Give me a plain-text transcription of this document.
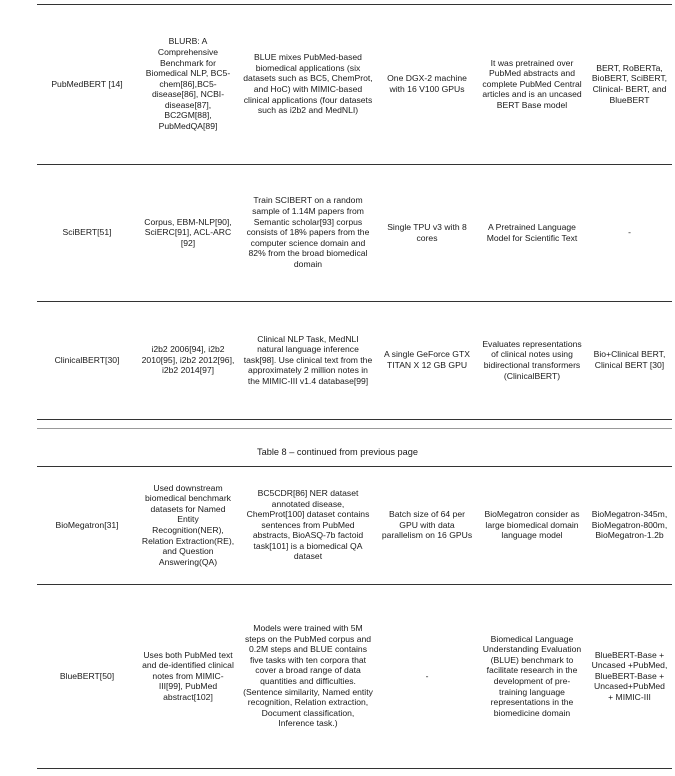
PubMedBERT [14]
BLURB: A Comprehensive Benchmark for Biomedical NLP, BC5-chem[86],BC5-disease[86], NCBI-disease[87], BC2GM[88], PubMedQA[89]
BLUE mixes PubMed-based biomedical applications (six datasets such as BC5, ChemProt, and HoC) with MIMIC-based clinical applications (four datasets such as i2b2 and MedNLI)
One DGX-2 machine with 16 V100 GPUs
It was pretrained over PubMed abstracts and complete PubMed Central articles and is an uncased BERT Base model
BERT, RoBERTa, BioBERT, SciBERT, Clinical- BERT, and BlueBERT
SciBERT[51]
Corpus, EBM-NLP[90], SciERC[91], ACL-ARC [92]
Train SCIBERT on a random sample of 1.14M papers from Semantic scholar[93] corpus consists of 18% papers from the computer science domain and 82% from the broad biomedical domain
Single TPU v3 with 8 cores
A Pretrained Language Model for Scientific Text
-
ClinicalBERT[30]
i2b2 2006[94], i2b2 2010[95], i2b2 2012[96], i2b2 2014[97]
Clinical NLP Task, MedNLI natural language inference task[98]. Use clinical text from the approximately 2 million notes in the MIMIC-III v1.4 database[99]
A single GeForce GTX TITAN X 12 GB GPU
Evaluates representations of clinical notes using bidirectional transformers (ClinicalBERT)
Bio+Clinical BERT, Clinical BERT [30]
Table 8 – continued from previous page
BioMegatron[31]
Used downstream biomedical benchmark datasets for Named Entity Recognition(NER), Relation Extraction(RE), and Question Answering(QA)
BC5CDR[86] NER dataset annotated disease, ChemProt[100] dataset contains sentences from PubMed abstracts, BioASQ-7b factoid task[101] is a biomedical QA dataset
Batch size of 64 per GPU with data parallelism on 16 GPUs
BioMegatron consider as large biomedical domain language model
BioMegatron-345m, BioMegatron-800m, BioMegatron-1.2b
BlueBERT[50]
Uses both PubMed text and de-identified clinical notes from MIMIC-III[99], PubMed abstract[102]
Models were trained with 5M steps on the PubMed corpus and 0.2M steps and BLUE contains five tasks with ten corpora that cover a broad range of data quantities and difficulties. (Sentence similarity, Named entity recognition, Relation extraction, Document classification, Inference task.)
-
Biomedical Language Understanding Evaluation (BLUE) benchmark to facilitate research in the development of pre-training language representations in the biomedicine domain
BlueBERT-Base + Uncased +PubMed, BlueBERT-Base + Uncased+PubMed + MIMIC-III
